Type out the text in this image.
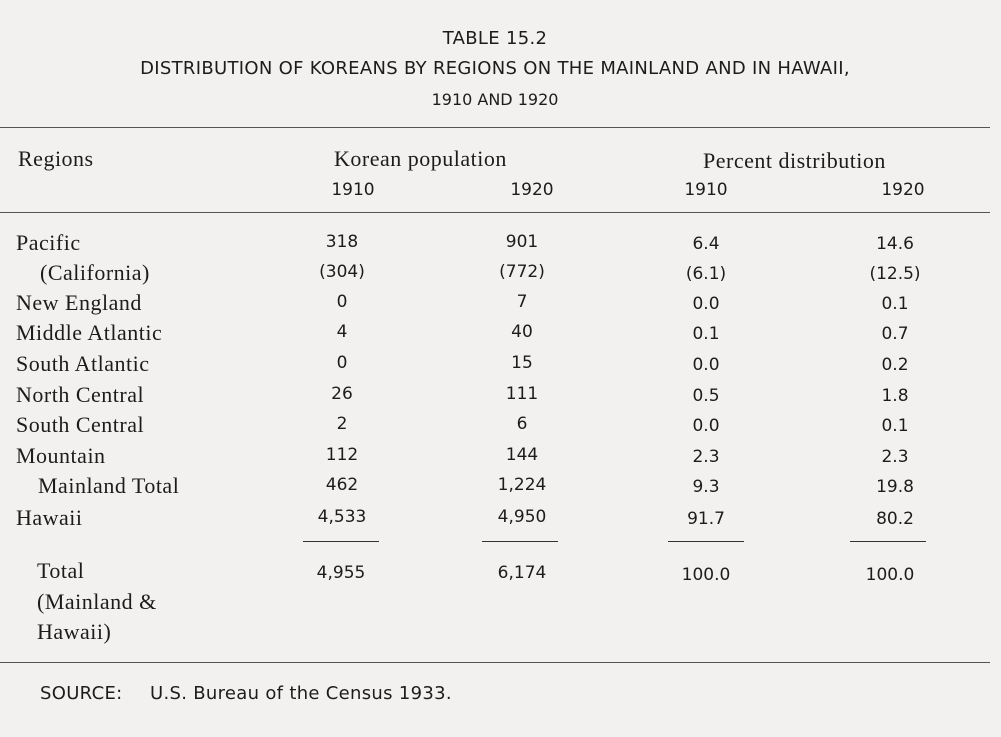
TABLE 15.2
DISTRIBUTION OF KOREANS BY REGIONS ON THE MAINLAND AND IN HAWAII,
1910 AND 1920
Regions	Korean population	Percent distribution
1910	1920	1910	1920
Pacific	318	901	6.4	14.6
(California)	(304)	(772)	(6.1)	(12.5)
New England	0	7	0.0	0.1
Middle Atlantic	4	40	0.1	0.7
South Atlantic	0	15	0.0	0.2
North Central	26	111	0.5	1.8
South Central	2	6	0.0	0.1
Mountain	112	144	2.3	2.3
Mainland Total	462	1,224	9.3	19.8
Hawaii	4,533	4,950	91.7	80.2
Total
(Mainland &
Hawaii)
4,955	6,174	100.0	100.0
SOURCE: U.S. Bureau of the Census 1933.
